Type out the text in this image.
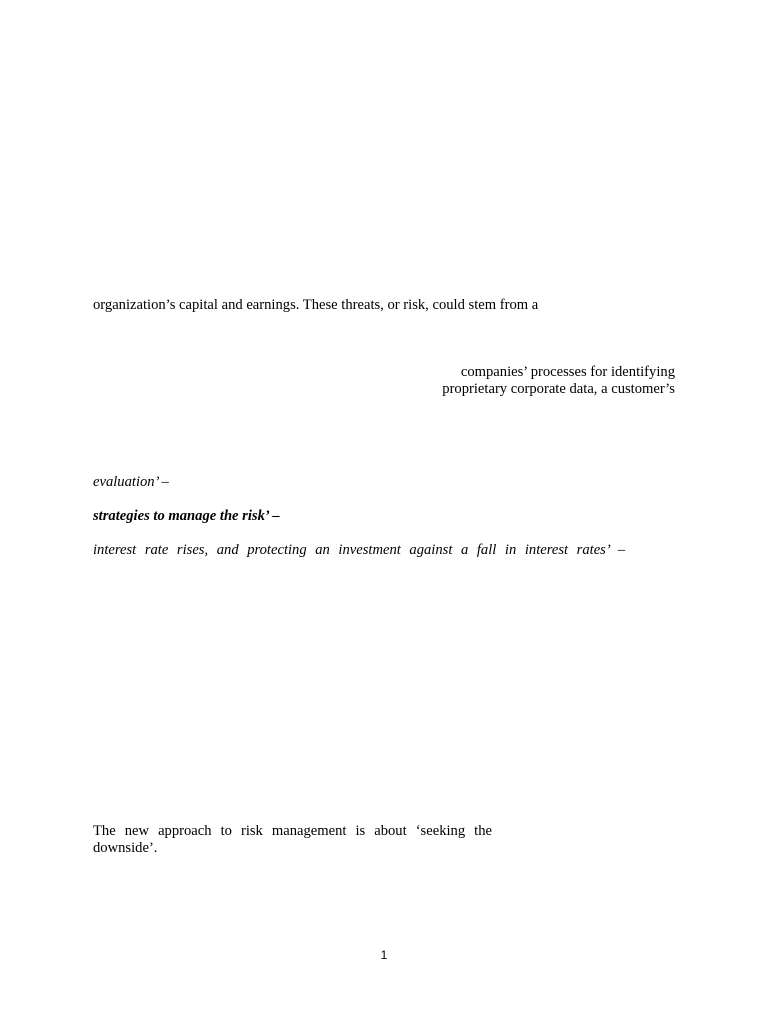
organization’s capital and earnings. These threats, or risk, could stem from a

companies’ processes for identifying

proprietary corporate data, a customer’s

evaluation’ –

strategies to manage the risk’ –

interest rate rises, and protecting an investment against a fall in interest rates’ –

The new approach to risk management is about ‘seeking the

downside’.

1
